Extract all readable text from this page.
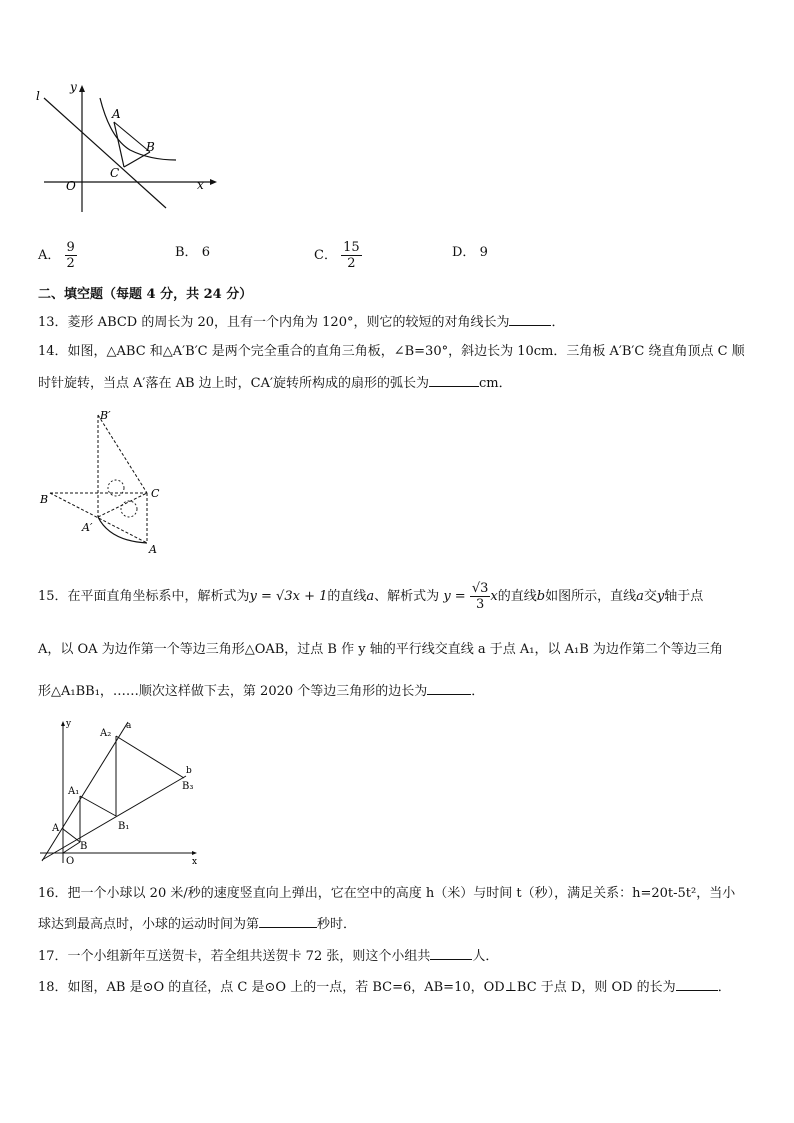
l
y
x
O
A
B
C
A． $\frac{9}{2}$	B． 6	C． $\frac{15}{2}$	D． 9
二、填空题（每题 4 分，共 24 分）
13．菱形 ABCD 的周长为 20，且有一个内角为 120°，则它的较短的对角线长为	．
14．如图，△ABC 和△A′B′C 是两个完全重合的直角三角板，∠B=30°，斜边长为 10cm．三角板 A′B′C 绕直角顶点 C 顺
时针旋转，当点 A′落在 AB 边上时，CA′旋转所构成的扇形的弧长为	cm．
B′
B	C
A′
A
15．在平面直角坐标系中，解析式为y = √3x + 1的直线a、解析式为 $y = \frac{√3}{3}$ x的直线b如图所示，直线a交y轴于点
A，以 OA 为边作第一个等边三角形△OAB，过点 B 作 y 轴的平行线交直线 a 于点 A₁，以 A₁B 为边作第二个等边三角
形△A₁BB₁，……顺次这样做下去，第 2020 个等边三角形的边长为	．
O
y
x
A
B
A₁
B₁
A₂
B₃
a
b
16．把一个小球以 20 米/秒的速度竖直向上弹出，它在空中的高度 h（米）与时间 t（秒），满足关系：h=20t-5t²，当小
球达到最高点时，小球的运动时间为第	秒时．
17．一个小组新年互送贺卡，若全组共送贺卡 72 张，则这个小组共	人．
18．如图，AB 是⊙O 的直径，点 C 是⊙O 上的一点，若 BC=6，AB=10，OD⊥BC 于点 D，则 OD 的长为	．
